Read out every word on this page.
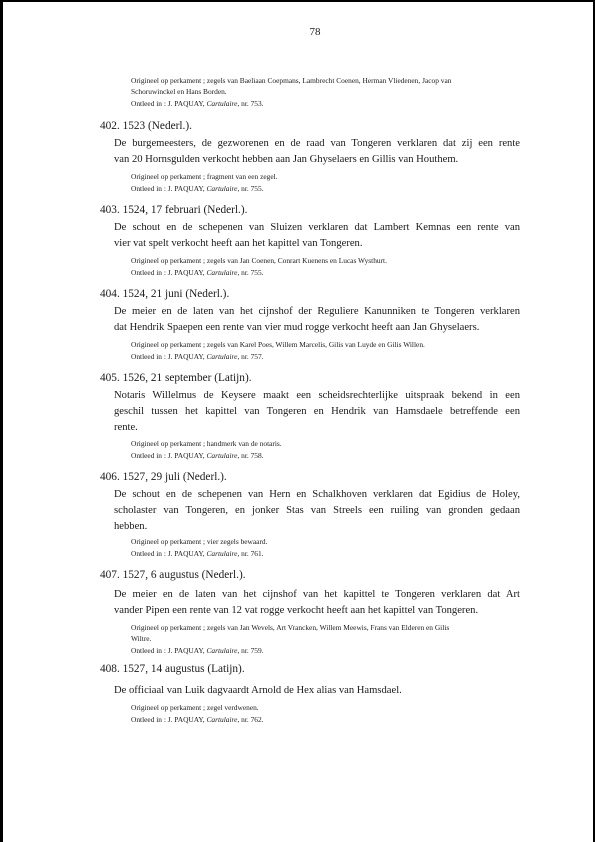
78
Origineel op perkament ; zegels van Baeliaan Coepmans, Lambrecht Coenen, Herman Vliedenen, Jacop van
Schoruwinckel en Hans Borden.
Ontleed in : J. PAQUAY, Cartulaire, nr. 753.
402. 1523 (Nederl.).
De burgemeesters, de gezworenen en de raad van Tongeren verklaren dat zij een rente
van 20 Hornsgulden verkocht hebben aan Jan Ghyselaers en Gillis van Houthem.
Origineel op perkament ; fragment van een zegel.
Ontleed in : J. PAQUAY, Cartulaire, nr. 755.
403. 1524, 17 februari (Nederl.).
De schout en de schepenen van Sluizen verklaren dat Lambert Kemnas een rente van
vier vat spelt verkocht heeft aan het kapittel van Tongeren.
Origineel op perkament ; zegels van Jan Coenen, Conrart Kuenens en Lucas Wysthurt.
Ontleed in : J. PAQUAY, Cartulaire, nr. 755.
404. 1524, 21 juni (Nederl.).
De meier en de laten van het cijnshof der Reguliere Kanunniken te Tongeren verklaren
dat Hendrik Spaepen een rente van vier mud rogge verkocht heeft aan Jan Ghyselaers.
Origineel op perkament ; zegels van Karel Poes, Willem Marcelis, Gilis van Luyde en Gilis Willen.
Ontleed in : J. PAQUAY, Cartulaire, nr. 757.
405. 1526, 21 september (Latijn).
Notaris Willelmus de Keysere maakt een scheidsrechterlijke uitspraak bekend in een
geschil tussen het kapittel van Tongeren en Hendrik van Hamsdaele betreffende een
rente.
Origineel op perkament ; handmerk van de notaris.
Ontleed in : J. PAQUAY, Cartulaire, nr. 758.
406. 1527, 29 juli (Nederl.).
De schout en de schepenen van Hern en Schalkhoven verklaren dat Egidius de Holey,
scholaster van Tongeren, en jonker Stas van Streels een ruiling van gronden gedaan
hebben.
Origineel op perkament ; vier zegels bewaard.
Ontleed in : J. PAQUAY, Cartulaire, nr. 761.
407. 1527, 6 augustus (Nederl.).
De meier en de laten van het cijnshof van het kapittel te Tongeren verklaren dat Art
vander Pipen een rente van 12 vat rogge verkocht heeft aan het kapittel van Tongeren.
Origineel op perkament ; zegels van Jan Wevels, Art Vrancken, Willem Meewis, Frans van Elderen en Gilis
Wiltre.
Ontleed in : J. PAQUAY, Cartulaire, nr. 759.
408. 1527, 14 augustus (Latijn).
De officiaal van Luik dagvaardt Arnold de Hex alias van Hamsdael.
Origineel op perkament ; zegel verdwenen.
Ontleed in : J. PAQUAY, Cartulaire, nr. 762.
